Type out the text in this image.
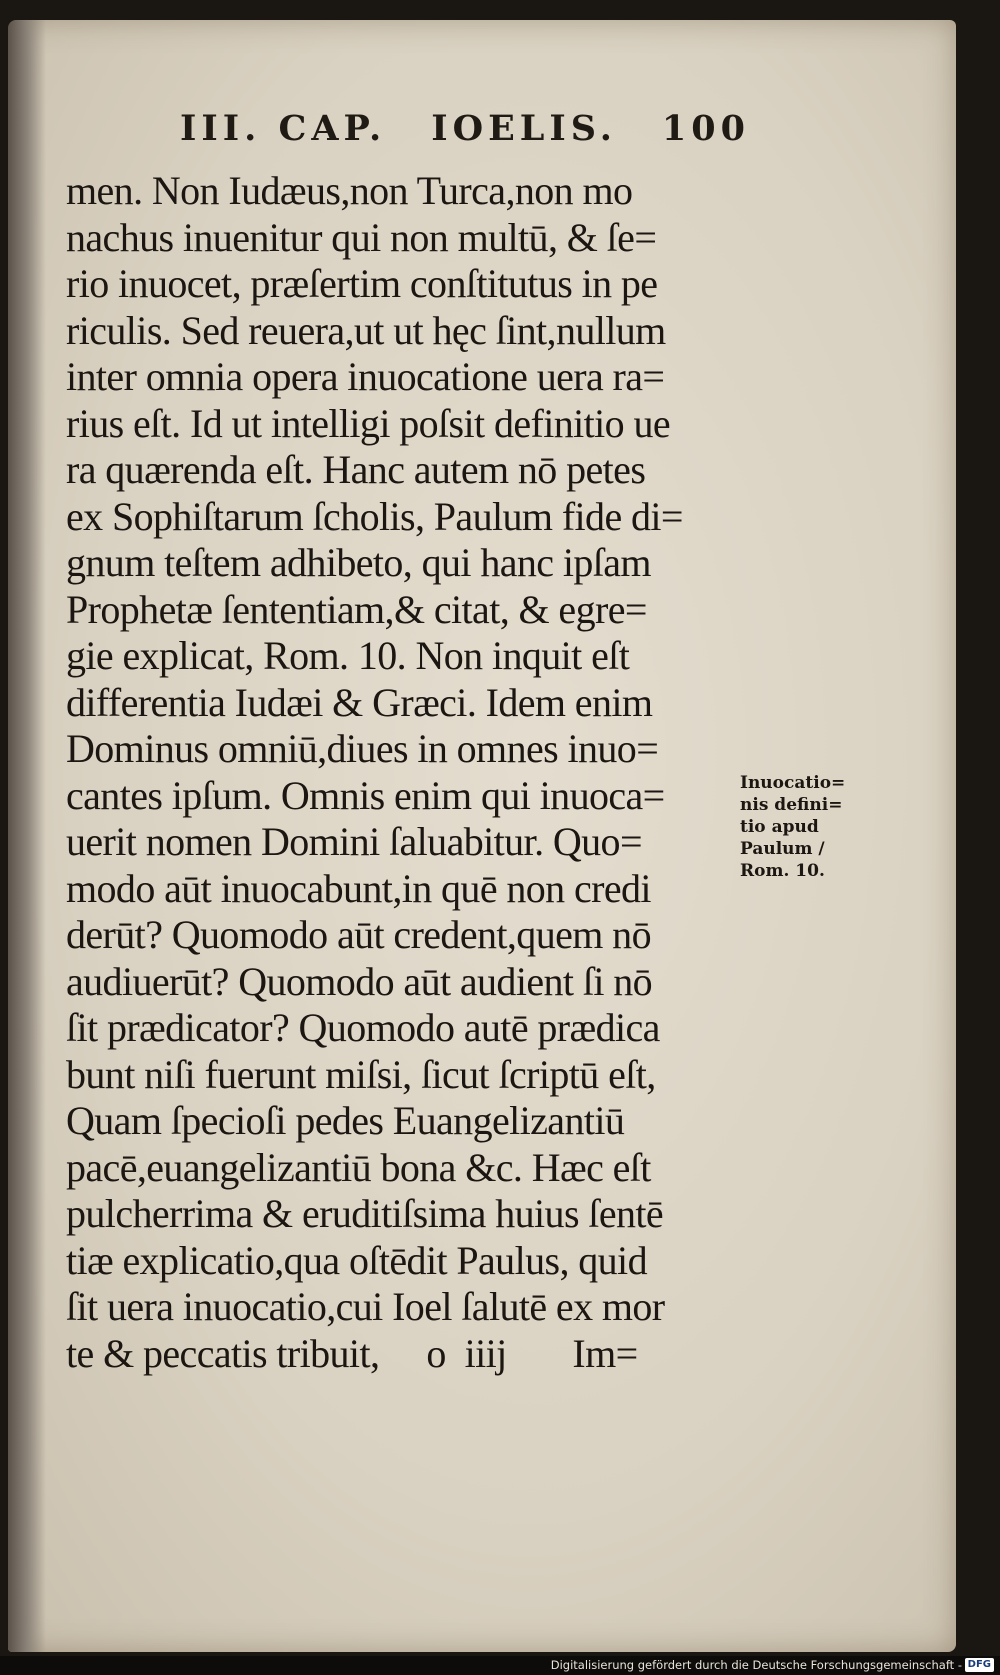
III. CAP. IOELIS. 100
men. Non Iudæus,non Turca,non mo
nachus inuenitur qui non multū, & ſe=
rio inuocet, præſertim conſtitutus in pe
riculis. Sed reuera,ut ut hęc ſint,nullum
inter omnia opera inuocatione uera ra=
rius eſt. Id ut intelligi poſsit definitio ue
ra quærenda eſt. Hanc autem nō petes
ex Sophiſtarum ſcholis, Paulum fide di=
gnum teſtem adhibeto, qui hanc ipſam
Prophetæ ſententiam,& citat, & egre=
gie explicat, Rom. 10. Non inquit eſt
differentia Iudæi & Græci. Idem enim
Dominus omniū,diues in omnes inuo=
cantes ipſum. Omnis enim qui inuoca=
uerit nomen Domini ſaluabitur. Quo=
modo aūt inuocabunt,in quē non credi
derūt? Quomodo aūt credent,quem nō
audiuerūt? Quomodo aūt audient ſi nō
ſit prædicator? Quomodo autē prædica
bunt niſi fuerunt miſsi, ſicut ſcriptū eſt,
Quam ſpecioſi pedes Euangelizantiū
pacē,euangelizantiū bona &c. Hæc eſt
pulcherrima & eruditiſsima huius ſentē
tiæ explicatio,qua oſtēdit Paulus, quid
ſit uera inuocatio,cui Ioel ſalutē ex mor
te & peccatis tribuit,     o  iiij       Im=
Inuocatio=
nis defini=
tio apud
Paulum /
Rom. 10.
Digitalisierung gefördert durch die Deutsche Forschungsgemeinschaft - DFG
